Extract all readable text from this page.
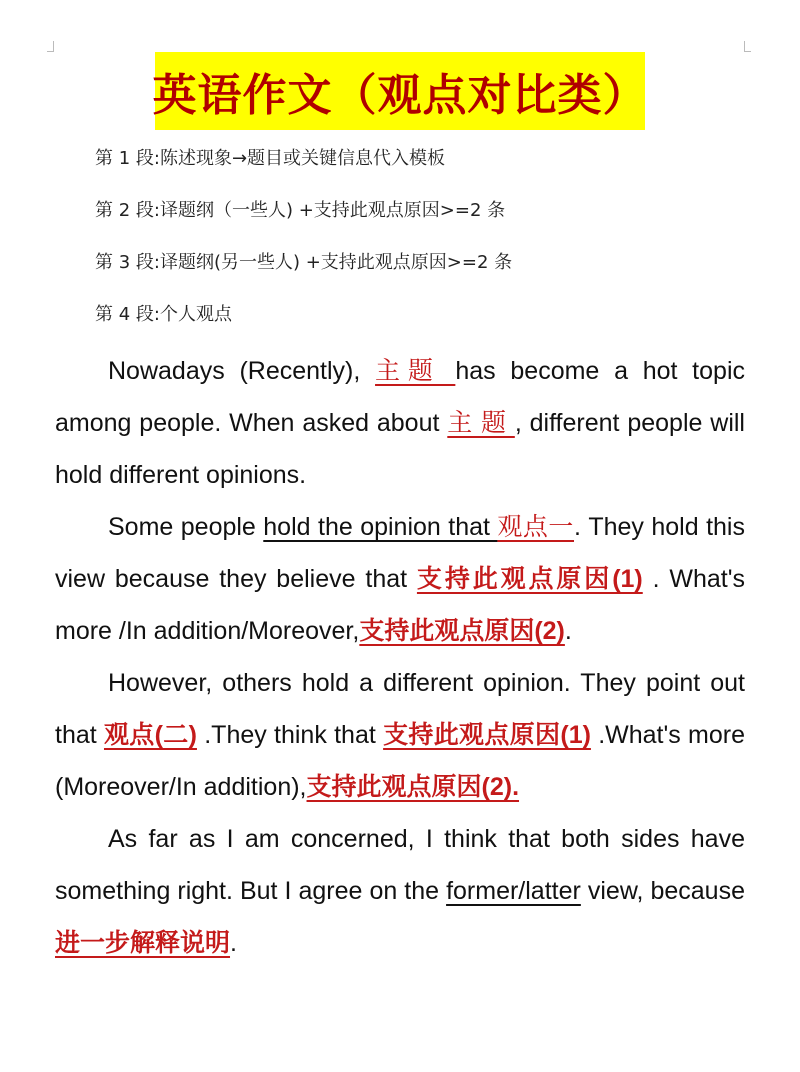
英语作文（观点对比类）
第 1 段:陈述现象→题目或关键信息代入模板
第 2 段:译题纲（一些人) +支持此观点原因>=2 条
第 3 段:译题纲(另一些人) +支持此观点原因>=2 条
第 4 段:个人观点

Nowadays (Recently), 主题 has become a hot topic among people. When asked about 主 题 , different people will hold different opinions.

Some people hold the opinion that 观点一. They hold this view because they believe that 支持此观点原因(1) . What's more /In addition/Moreover,支持此观点原因(2).

However, others hold a different opinion. They point out that 观点(二) .They think that 支持此观点原因(1) .What's more (Moreover/In addition),支持此观点原因(2).

As far as I am concerned, I think that both sides have something right. But I agree on the former/latter view, because 进一步解释说明.
